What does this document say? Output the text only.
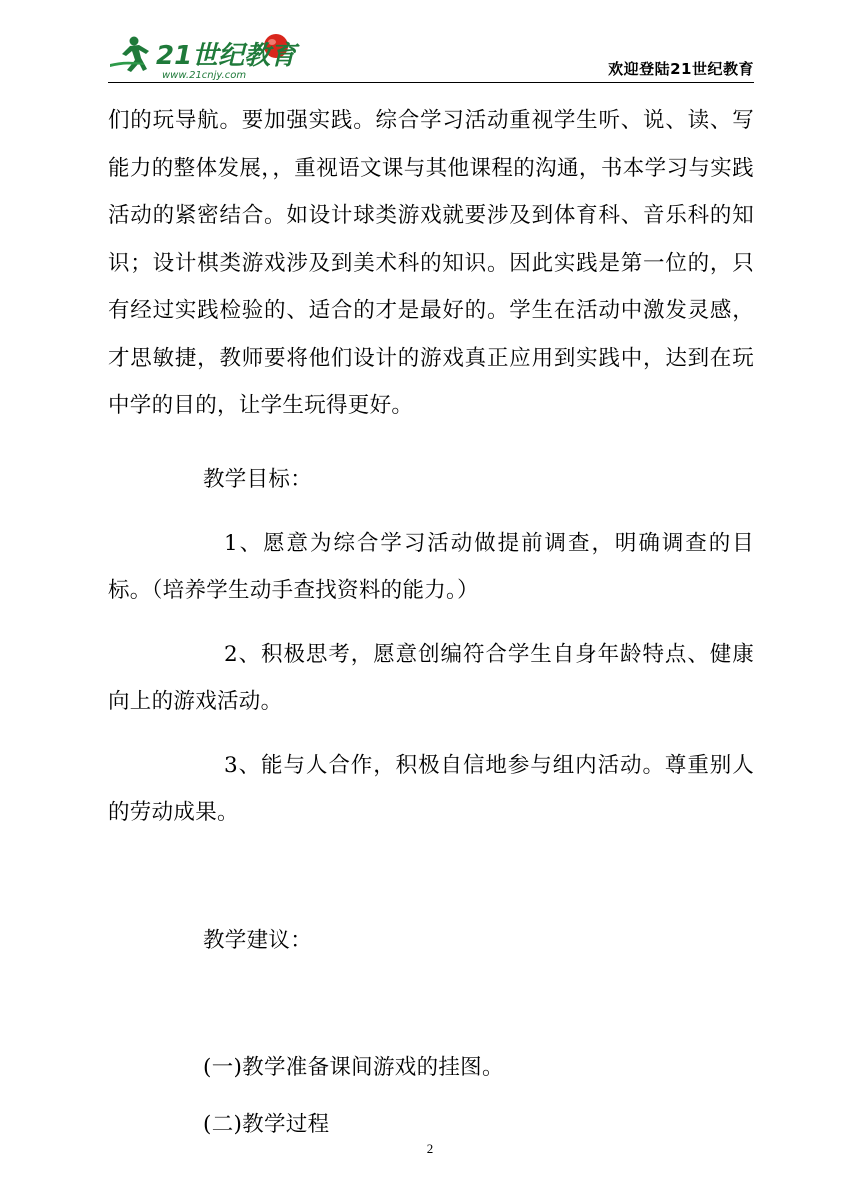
21世纪教育
www.21cnjy.com	欢迎登陆21世纪教育

们的玩导航。要加强实践。综合学习活动重视学生听、说、读、写能力的整体发展，，重视语文课与其他课程的沟通，书本学习与实践活动的紧密结合。如设计球类游戏就要涉及到体育科、音乐科的知识；设计棋类游戏涉及到美术科的知识。因此实践是第一位的，只有经过实践检验的、适合的才是最好的。学生在活动中激发灵感，才思敏捷，教师要将他们设计的游戏真正应用到实践中，达到在玩中学的目的，让学生玩得更好。

教学目标：

1、愿意为综合学习活动做提前调查，明确调查的目标。（培养学生动手查找资料的能力。）

2、积极思考，愿意创编符合学生自身年龄特点、健康向上的游戏活动。

3、能与人合作，积极自信地参与组内活动。尊重别人的劳动成果。

教学建议：

(一)教学准备课间游戏的挂图。

(二)教学过程

2
